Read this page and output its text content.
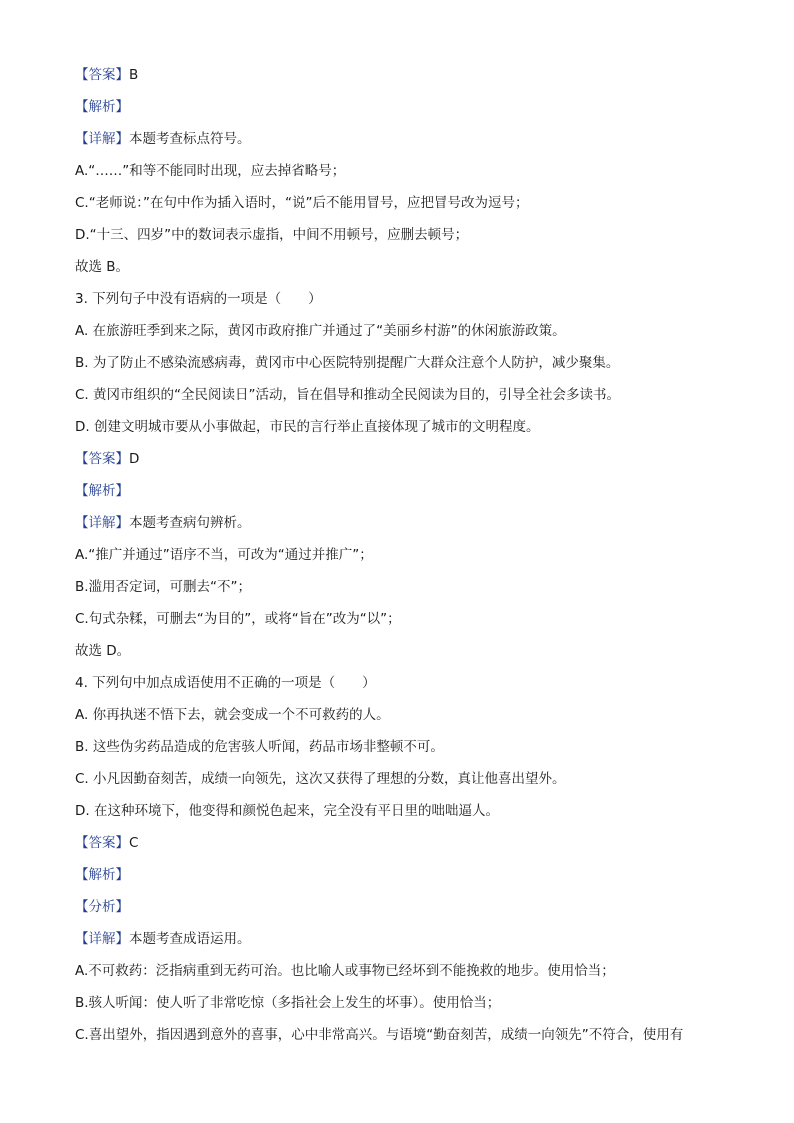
【答案】B
【解析】
【详解】本题考查标点符号。
A.“……”和等不能同时出现，应去掉省略号；
C.“老师说：”在句中作为插入语时，“说”后不能用冒号，应把冒号改为逗号；
D.“十三、四岁”中的数词表示虚指，中间不用顿号，应删去顿号；
故选 B。
3. 下列句子中没有语病的一项是（　　）
A. 在旅游旺季到来之际，黄冈市政府推广并通过了“美丽乡村游”的休闲旅游政策。
B. 为了防止不感染流感病毒，黄冈市中心医院特别提醒广大群众注意个人防护，减少聚集。
C. 黄冈市组织的“全民阅读日”活动，旨在倡导和推动全民阅读为目的，引导全社会多读书。
D. 创建文明城市要从小事做起，市民的言行举止直接体现了城市的文明程度。
【答案】D
【解析】
【详解】本题考查病句辨析。
A.“推广并通过”语序不当，可改为“通过并推广”；
B.滥用否定词，可删去“不”；
C.句式杂糅，可删去“为目的”，或将“旨在”改为“以”；
故选 D。
4. 下列句中加点成语使用不正确的一项是（　　）
A. 你再执迷不悟下去，就会变成一个不可救药的人。
B. 这些伪劣药品造成的危害骇人听闻，药品市场非整顿不可。
C. 小凡因勤奋刻苦，成绩一向领先，这次又获得了理想的分数，真让他喜出望外。
D. 在这种环境下，他变得和颜悦色起来，完全没有平日里的咄咄逼人。
【答案】C
【解析】
【分析】
【详解】本题考查成语运用。
A.不可救药：泛指病重到无药可治。也比喻人或事物已经坏到不能挽救的地步。使用恰当；
B.骇人听闻：使人听了非常吃惊（多指社会上发生的坏事）。使用恰当；
C.喜出望外，指因遇到意外的喜事，心中非常高兴。与语境“勤奋刻苦，成绩一向领先”不符合，使用有
